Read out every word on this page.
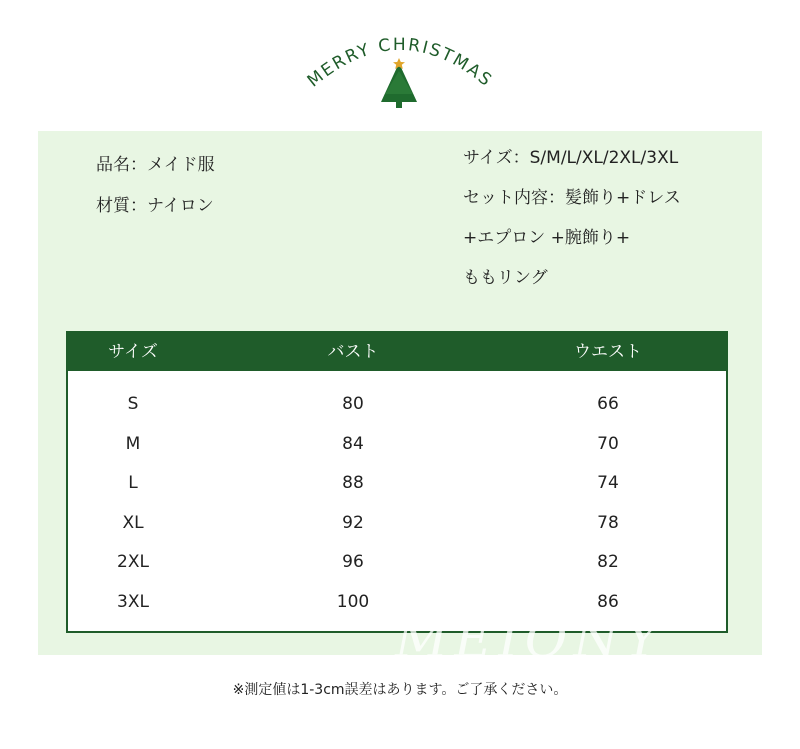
MERRY CHRISTMAS
品名：メイド服
材質：ナイロン
サイズ：S/M/L/XL/2XL/3XL
セット内容：髪飾り+ドレス
+エプロン +腕飾り+
ももリング
サイズ	バスト	ウエスト
S	80	66
M	84	70
L	88	74
XL	92	78
2XL	96	82
3XL	100	86
MEIONY
※測定値は1-3cm誤差はあります。ご了承ください。
